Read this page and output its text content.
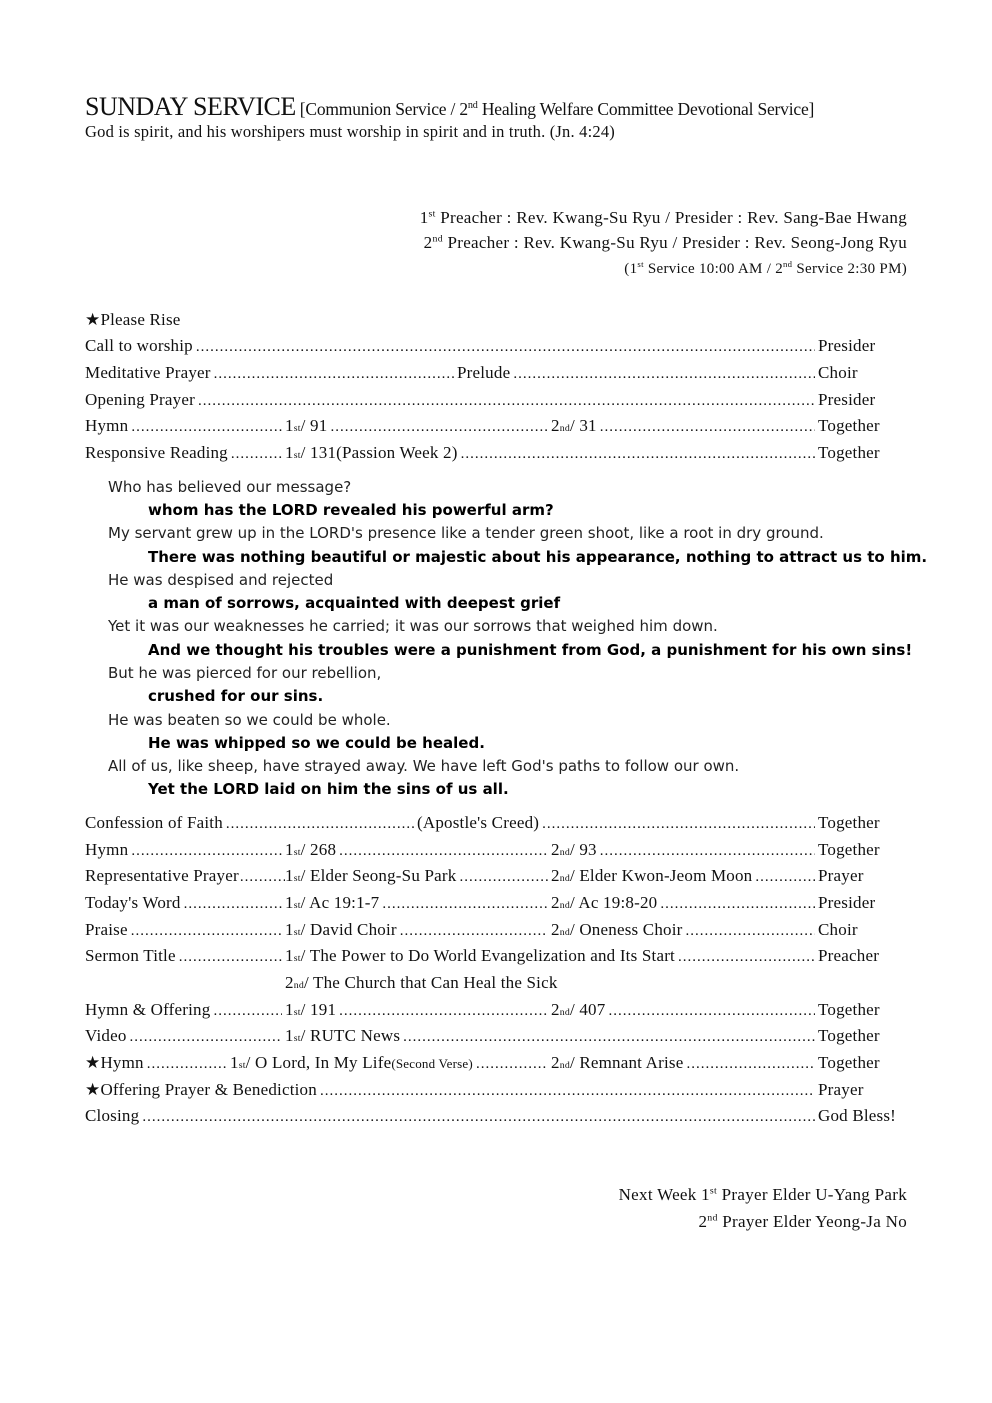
SUNDAY SERVICE [Communion Service / 2nd Healing Welfare Committee Devotional Service]
God is spirit, and his worshipers must worship in spirit and in truth. (Jn. 4:24)
1st Preacher : Rev. Kwang-Su Ryu / Presider : Rev. Sang-Bae Hwang
2nd Preacher : Rev. Kwang-Su Ryu / Presider : Rev. Seong-Jong Ryu
(1st Service 10:00 AM / 2nd Service 2:30 PM)
★Please Rise
Call to worship .....	Presider
Meditative Prayer .....	Prelude .....	Choir
Opening Prayer .....	Presider
Hymn .....	1 st / 91 .....	2 nd / 31 .....	Together
Responsive Reading .....	1 st / 131(Passion Week 2) .....	Together
Who has believed our message?
whom has the LORD revealed his powerful arm?
My servant grew up in the LORD's presence like a tender green shoot, like a root in dry ground.
There was nothing beautiful or majestic about his appearance, nothing to attract us to him.
He was despised and rejected
a man of sorrows, acquainted with deepest grief
Yet it was our weaknesses he carried; it was our sorrows that weighed him down.
And we thought his troubles were a punishment from God, a punishment for his own sins!
But he was pierced for our rebellion,
crushed for our sins.
He was beaten so we could be whole.
He was whipped so we could be healed.
All of us, like sheep, have strayed away. We have left God's paths to follow our own.
Yet the LORD laid on him the sins of us all.
Confession of Faith .....	(Apostle's Creed) .....	Together
Hymn .....	1 st / 268 .....	2 nd / 93 .....	Together
Representative Prayer .....	1 st / Elder Seong-Su Park .....	2 nd / Elder Kwon-Jeom Moon .....	Prayer
Today's Word .....	1 st / Ac 19:1-7 .....	2 nd / Ac 19:8-20 .....	Presider
Praise .....	1 st / David Choir .....	2 nd / Oneness Choir .....	Choir
Sermon Title .....	1 st / The Power to Do World Evangelization and Its Start .....	Preacher
2 nd / The Church that Can Heal the Sick
Hymn & Offering .....	1 st / 191 .....	2 nd / 407 .....	Together
Video .....	1 st / RUTC News .....	Together
★Hymn .....	1 st / O Lord, In My Life (Second Verse) .....	2 nd / Remnant Arise .....	Together
★Offering Prayer & Benediction .....	Prayer
Closing .....	God Bless!
Next Week 1st Prayer Elder U-Yang Park
2nd Prayer Elder Yeong-Ja No
